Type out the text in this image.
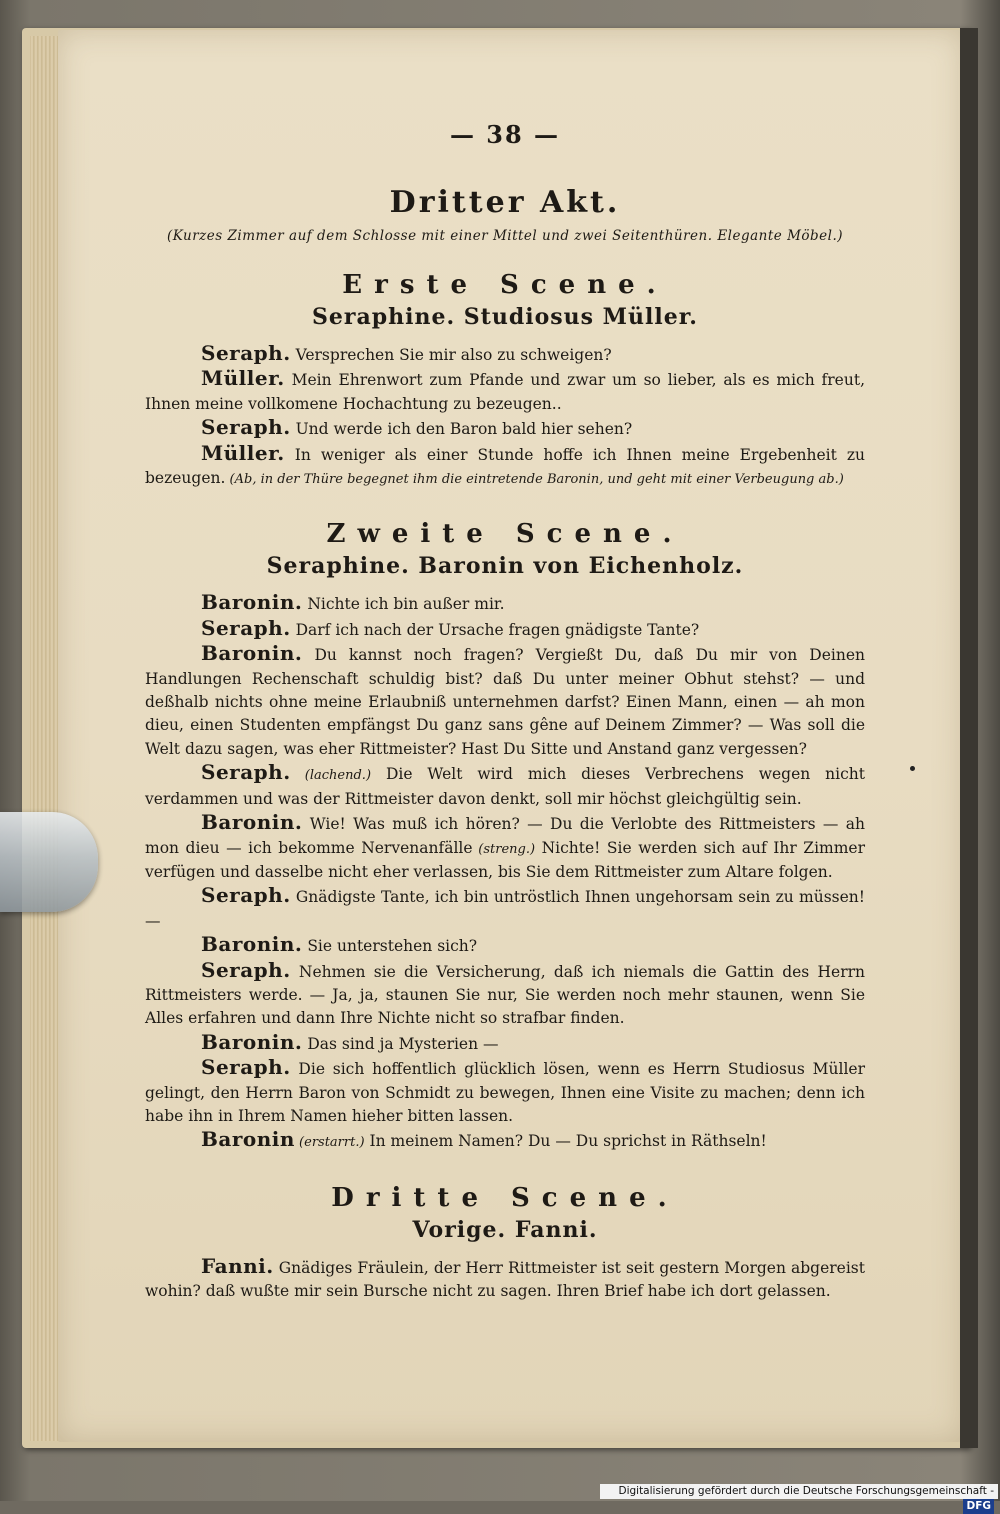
— 38 —
Dritter Akt.
(Kurzes Zimmer auf dem Schlosse mit einer Mittel und zwei Seitenthüren. Elegante Möbel.)
Erste Scene.
Seraphine. Studiosus Müller.
Seraph. Versprechen Sie mir also zu schweigen?
Müller. Mein Ehrenwort zum Pfande und zwar um so lieber, als es mich freut, Ihnen meine vollkomene Hochachtung zu bezeugen..
Seraph. Und werde ich den Baron bald hier sehen?
Müller. In weniger als einer Stunde hoffe ich Ihnen meine Ergebenheit zu bezeugen. (Ab, in der Thüre begegnet ihm die eintretende Baronin, und geht mit einer Verbeugung ab.)
Zweite Scene.
Seraphine. Baronin von Eichenholz.
Baronin. Nichte ich bin außer mir.
Seraph. Darf ich nach der Ursache fragen gnädigste Tante?
Baronin. Du kannst noch fragen? Vergießt Du, daß Du mir von Deinen Handlungen Rechenschaft schuldig bist? daß Du unter meiner Obhut stehst? — und deßhalb nichts ohne meine Erlaubniß unternehmen darfst? Einen Mann, einen — ah mon dieu, einen Studenten empfängst Du ganz sans gêne auf Deinem Zimmer? — Was soll die Welt dazu sagen, was eher Rittmeister? Hast Du Sitte und Anstand ganz vergessen?
Seraph. (lachend.) Die Welt wird mich dieses Verbrechens wegen nicht verdammen und was der Rittmeister davon denkt, soll mir höchst gleichgültig sein.
Baronin. Wie! Was muß ich hören? — Du die Verlobte des Rittmeisters — ah mon dieu — ich bekomme Nervenanfälle (streng.) Nichte! Sie werden sich auf Ihr Zimmer verfügen und dasselbe nicht eher verlassen, bis Sie dem Rittmeister zum Altare folgen.
Seraph. Gnädigste Tante, ich bin untröstlich Ihnen ungehorsam sein zu müssen! —
Baronin. Sie unterstehen sich?
Seraph. Nehmen sie die Versicherung, daß ich niemals die Gattin des Herrn Rittmeisters werde. — Ja, ja, staunen Sie nur, Sie werden noch mehr staunen, wenn Sie Alles erfahren und dann Ihre Nichte nicht so strafbar finden.
Baronin. Das sind ja Mysterien —
Seraph. Die sich hoffentlich glücklich lösen, wenn es Herrn Studiosus Müller gelingt, den Herrn Baron von Schmidt zu bewegen, Ihnen eine Visite zu machen; denn ich habe ihn in Ihrem Namen hieher bitten lassen.
Baronin (erstarrt.) In meinem Namen? Du — Du sprichst in Räthseln!
Dritte Scene.
Vorige. Fanni.
Fanni. Gnädiges Fräulein, der Herr Rittmeister ist seit gestern Morgen abgereist wohin? daß wußte mir sein Bursche nicht zu sagen. Ihren Brief habe ich dort gelassen.
Digitalisierung gefördert durch die Deutsche Forschungsgemeinschaft -DFG
